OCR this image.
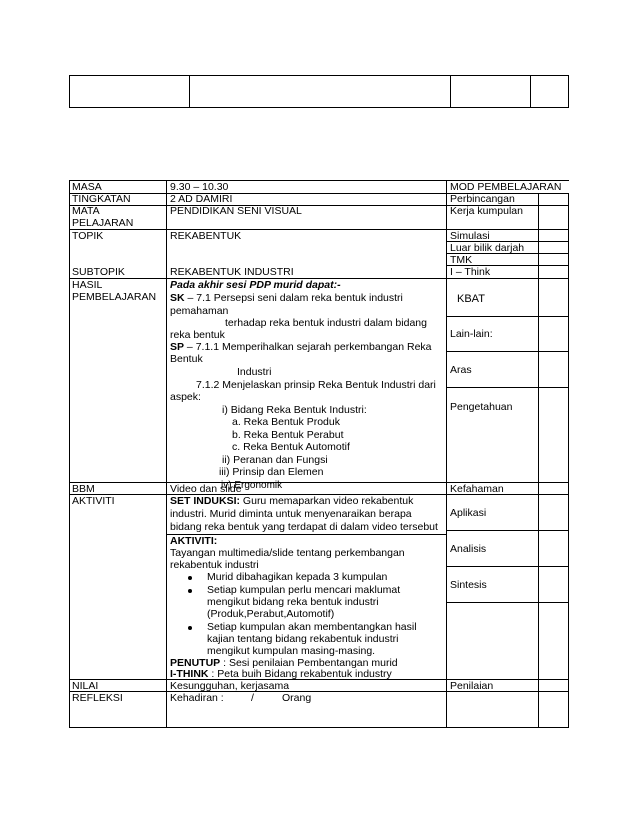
MASA
TINGKATAN
MATA
PELAJARAN
TOPIK
SUBTOPIK
HASIL
PEMBELAJARAN
BBM
AKTIVITI
NILAI
REFLEKSI
9.30 – 10.30
2 AD DAMIRI
PENDIDIKAN SENI VISUAL
REKABENTUK
REKABENTUK INDUSTRI
Pada akhir sesi PDP murid dapat:-
SK – 7.1 Persepsi seni dalam reka bentuk industri
pemahaman
terhadap reka bentuk industri dalam bidang
reka bentuk
SP – 7.1.1 Memperihalkan sejarah perkembangan Reka
Bentuk
Industri
7.1.2 Menjelaskan prinsip Reka Bentuk Industri dari
aspek:
i) Bidang Reka Bentuk Industri:
a. Reka Bentuk Produk
b. Reka Bentuk Perabut
c. Reka Bentuk Automotif
ii) Peranan dan Fungsi
iii) Prinsip dan Elemen
iv) Ergonomik
Video dan slide
SET INDUKSI: Guru memaparkan video rekabentuk
industri. Murid diminta untuk menyenaraikan berapa
bidang reka bentuk yang terdapat di dalam video tersebut
AKTIVITI:
Tayangan multimedia/slide tentang perkembangan
rekabentuk industri
Murid dibahagikan kepada 3 kumpulan
Setiap kumpulan perlu mencari maklumat
mengikut bidang reka bentuk industri
(Produk,Perabut,Automotif)
Setiap kumpulan akan membentangkan hasil
kajian tentang bidang rekabentuk industri
mengikut kumpulan masing-masing.
PENUTUP : Sesi penilaian Pembentangan murid
I-THINK : Peta buih Bidang rekabentuk industry
Kesungguhan, kerjasama
Kehadiran :	/	Orang
MOD PEMBELAJARAN
Perbincangan
Kerja kumpulan
Simulasi
Luar bilik darjah
TMK
I – Think
KBAT
Lain-lain:
Aras
Pengetahuan
Kefahaman
Aplikasi
Analisis
Sintesis
Penilaian
